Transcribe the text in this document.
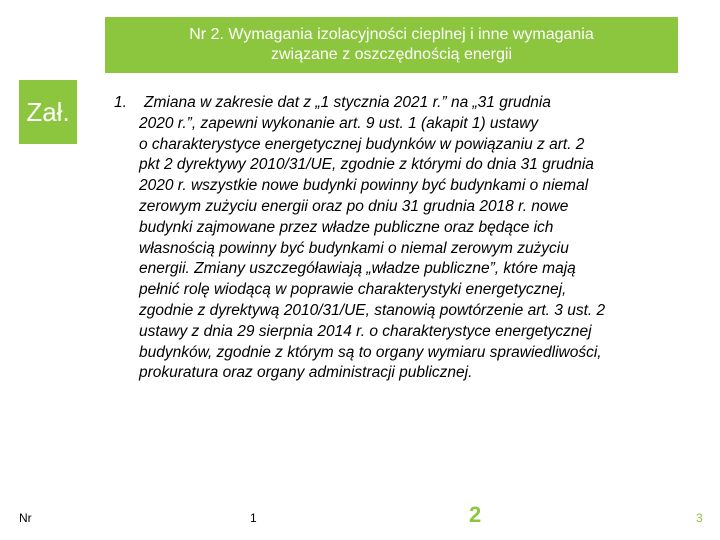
Nr 2. Wymagania izolacyjności cieplnej i inne wymagania
związane z oszczędnością energii
Zał.	1. Zmiana w zakresie dat z „1 stycznia 2021 r.” na „31 grudnia
2020 r.”, zapewni wykonanie art. 9 ust. 1 (akapit 1) ustawy
o charakterystyce energetycznej budynków w powiązaniu z art. 2
pkt 2 dyrektywy 2010/31/UE, zgodnie z którymi do dnia 31 grudnia
2020 r. wszystkie nowe budynki powinny być budynkami o niemal
zerowym zużyciu energii oraz po dniu 31 grudnia 2018 r. nowe
budynki zajmowane przez władze publiczne oraz będące ich
własnością powinny być budynkami o niemal zerowym zużyciu
energii. Zmiany uszczegóławiają „władze publiczne”, które mają
pełnić rolę wiodącą w poprawie charakterystyki energetycznej,
zgodnie z dyrektywą 2010/31/UE, stanowią powtórzenie art. 3 ust. 2
ustawy z dnia 29 sierpnia 2014 r. o charakterystyce energetycznej
budynków, zgodnie z którym są to organy wymiaru sprawiedliwości,
prokuratura oraz organy administracji publicznej.
Nr	1	2	3
